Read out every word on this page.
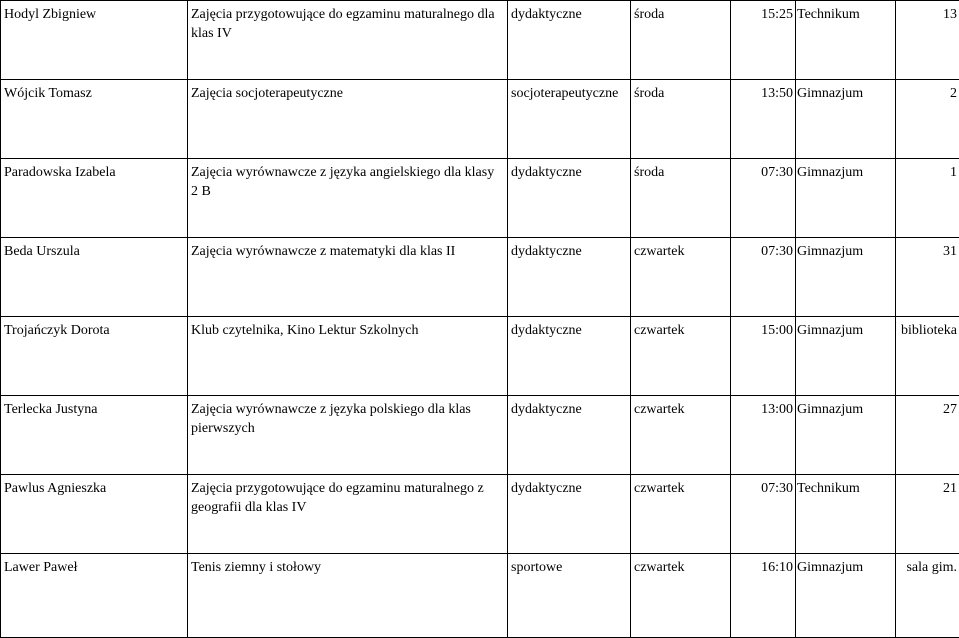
Hodyl Zbigniew	Zajęcia przygotowujące do egzaminu maturalnego dla klas IV	dydaktyczne	środa	15:25	Technikum	13
Wójcik Tomasz	Zajęcia socjoterapeutyczne	socjoterapeutyczne	środa	13:50	Gimnazjum	2
Paradowska Izabela	Zajęcia wyrównawcze z języka angielskiego dla klasy 2 B	dydaktyczne	środa	07:30	Gimnazjum	1
Beda Urszula	Zajęcia wyrównawcze z matematyki dla klas II	dydaktyczne	czwartek	07:30	Gimnazjum	31
Trojańczyk Dorota	Klub czytelnika, Kino Lektur Szkolnych	dydaktyczne	czwartek	15:00	Gimnazjum	biblioteka
Terlecka Justyna	Zajęcia wyrównawcze z języka polskiego dla klas pierwszych	dydaktyczne	czwartek	13:00	Gimnazjum	27
Pawlus Agnieszka	Zajęcia przygotowujące do egzaminu maturalnego z geografii dla klas IV	dydaktyczne	czwartek	07:30	Technikum	21
Lawer Paweł	Tenis ziemny i stołowy	sportowe	czwartek	16:10	Gimnazjum	sala gim.
